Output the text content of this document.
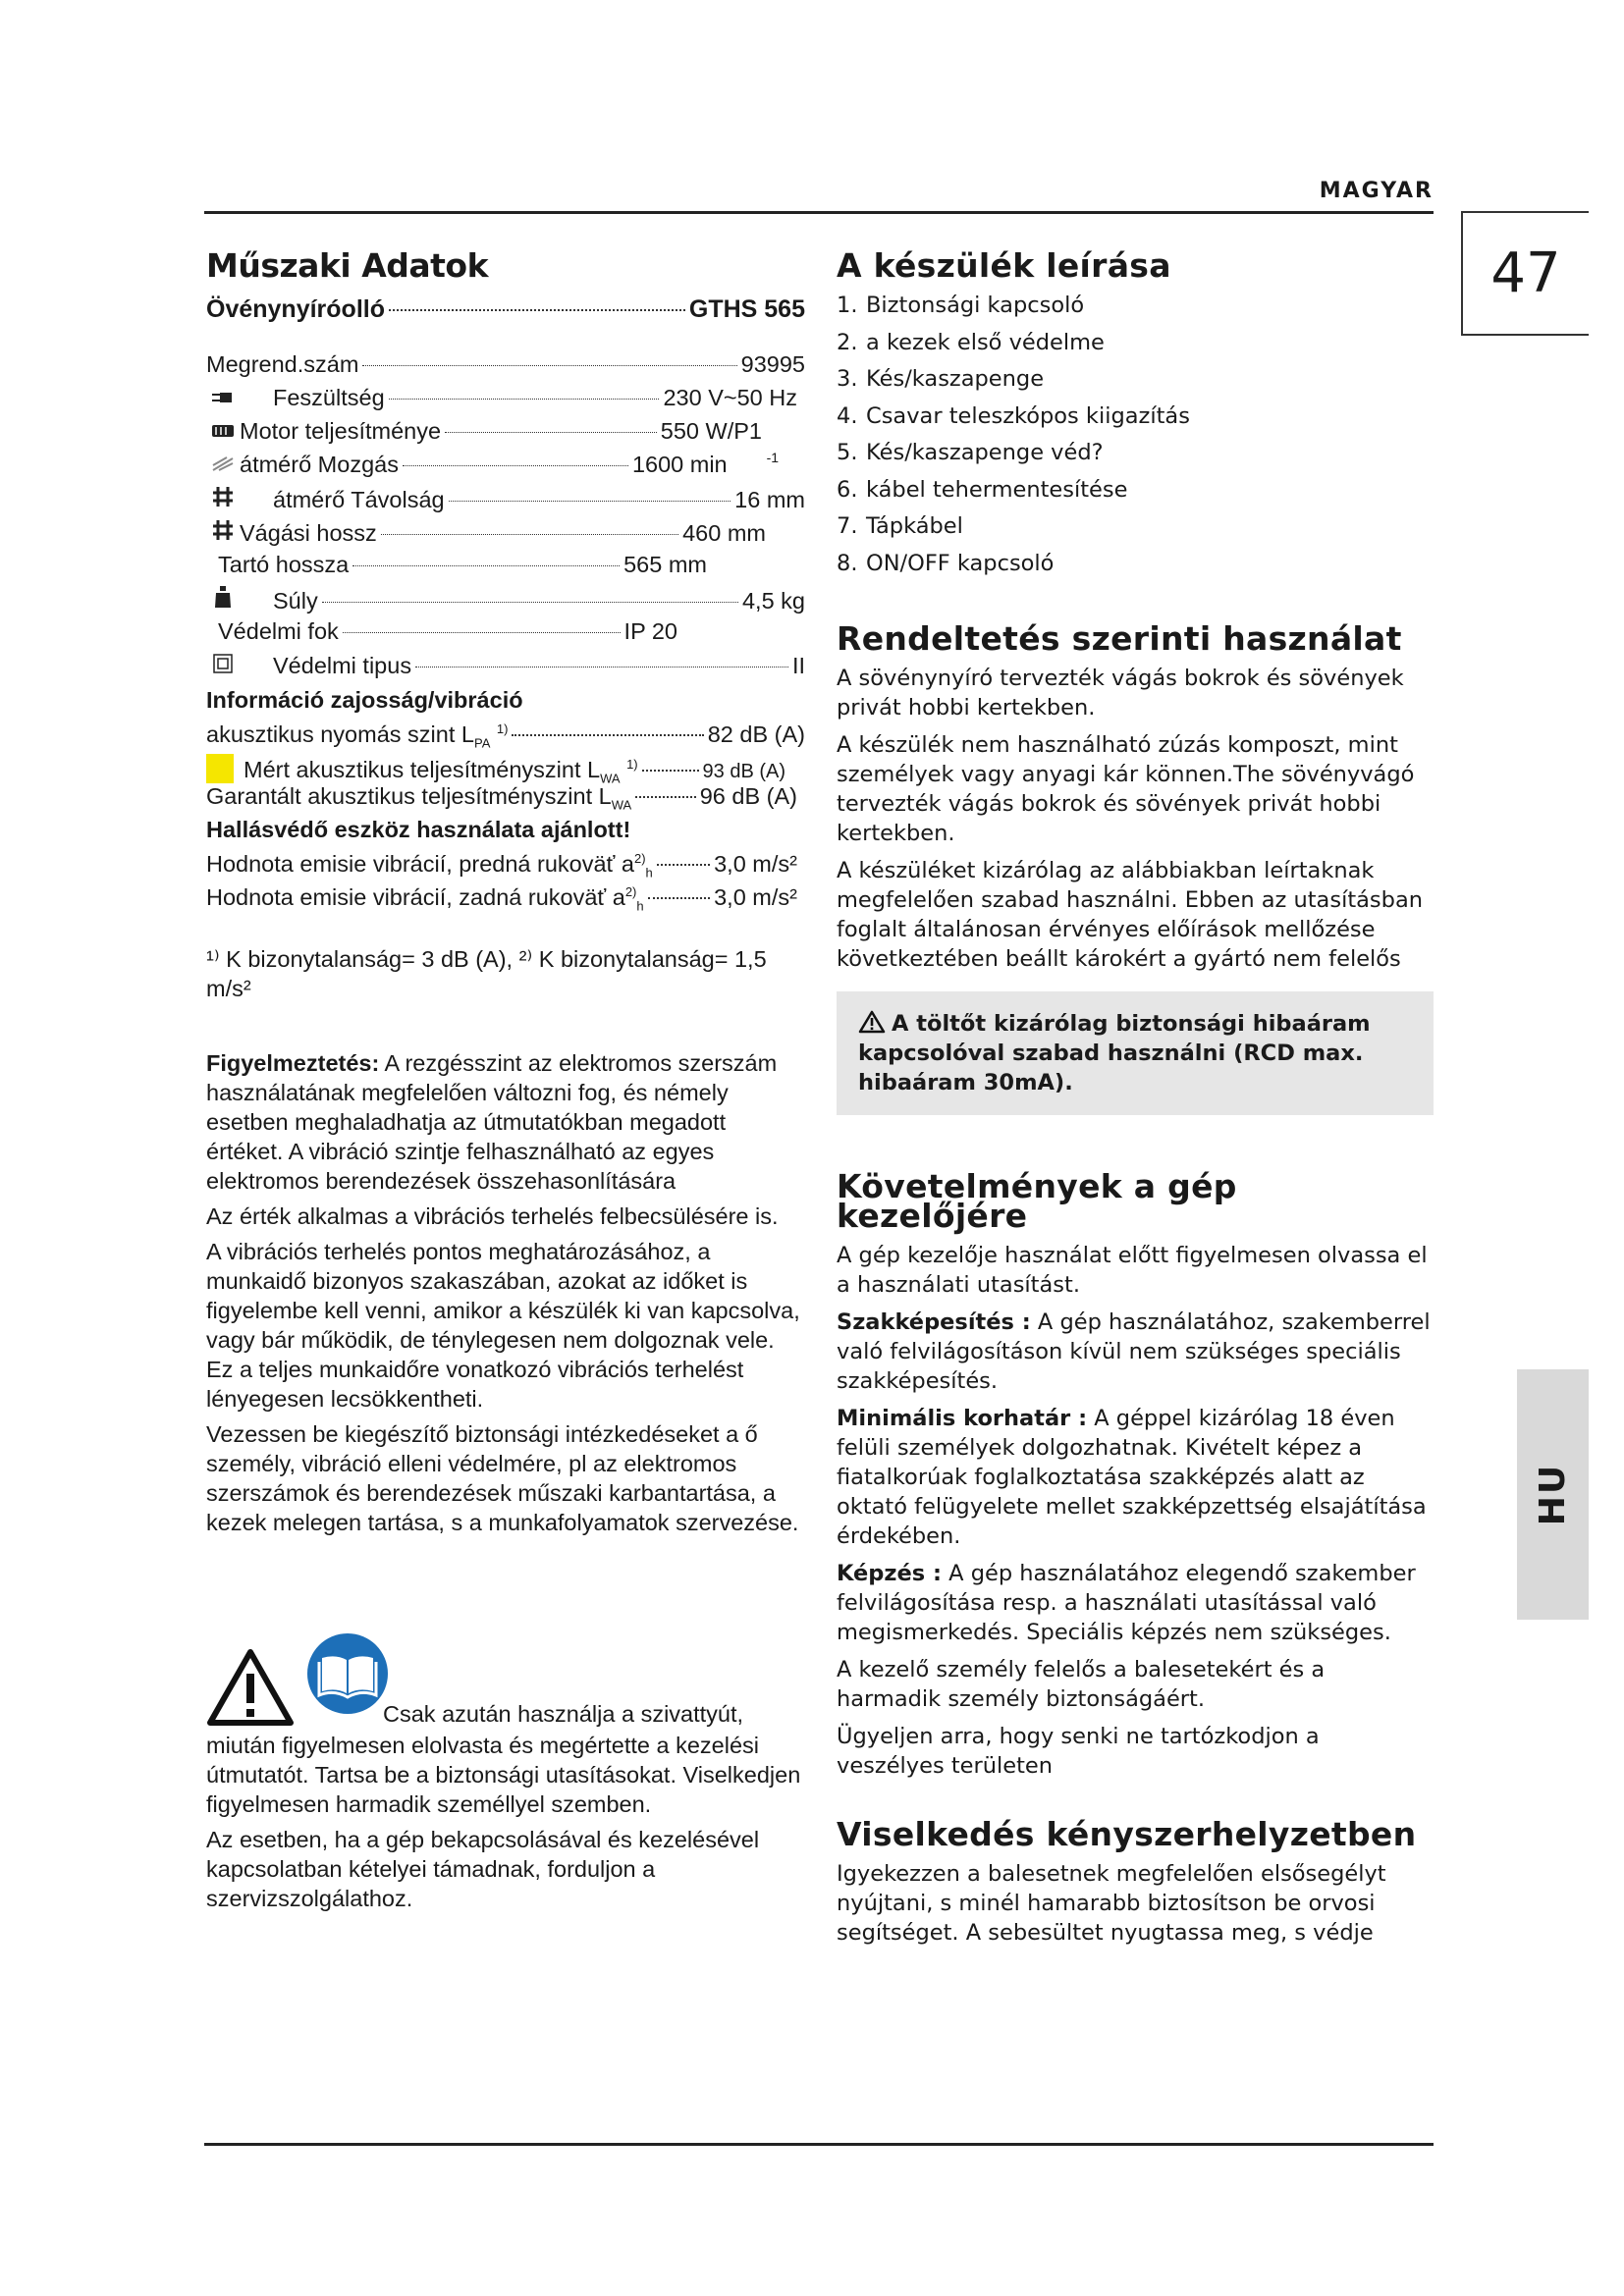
MAGYAR
47
HU
Műszaki Adatok
Övénynyíróolló	GTHS 565
Megrend.szám	93995
Feszültség	230 V~50 Hz
Motor teljesítménye	550 W/P1
átmérő Mozgás	1600 min	-1
átmérő Távolság	16 mm
Vágási hossz	460 mm
Tartó hossza	565 mm
Súly	4,5 kg
Védelmi fok	IP 20
Védelmi tipus	II
Információ zajosság/vibráció
akusztikus nyomás szint $L_{PA}$ $^{1)}$	82 dB (A)
Mért akusztikus teljesítményszint $L_{WA}$ $^{1)}$	93 dB (A)
Garantált akusztikus teljesítményszint $L_{WA}$	96 dB (A)
Hallásvédő eszköz használata ajánlott!
Hodnota emisie vibrácií, predná rukoväť $a^{2)}_h$	3,0 m/s²
Hodnota emisie vibrácií, zadná rukoväť $a^{2)}_h$	3,0 m/s²
¹⁾ K bizonytalanság= 3 dB (A), ²⁾ K bizonytalanság= 1,5 m/s²

Figyelmeztetés: A rezgésszint az elektromos szerszám használatának megfelelően változni fog, és némely esetben meghaladhatja az útmutatókban megadott értéket. A vibráció szintje felhasználható az egyes elektromos berendezések összehasonlítására

Az érték alkalmas a vibrációs terhelés felbecsülésére is.

A vibrációs terhelés pontos meghatározásához, a munkaidő bizonyos szakaszában, azokat az időket is figyelembe kell venni, amikor a készülék ki van kapcsolva, vagy bár működik, de ténylegesen nem dolgoznak vele. Ez a teljes munkaidőre vonatkozó vibrációs terhelést lényegesen lecsökkentheti.

Vezessen be kiegészítő biztonsági intézkedéseket a ő személy, vibráció elleni védelmére, pl az elektromos szerszámok és berendezések műszaki karbantartása, a kezek melegen tartása, s a munkafolyamatok szervezése.

Csak azután használja a szivattyút,

miután figyelmesen elolvasta és megértette a kezelési útmutatót. Tartsa be a biztonsági utasításokat. Viselkedjen figyelmesen harmadik személlyel szemben.

Az esetben, ha a gép bekapcsolásával és kezelésével kapcsolatban kételyei támadnak, forduljon a szervizszolgálathoz.

A készülék leírása
1. Biztonsági kapcsoló
2. a kezek első védelme
3. Kés/kaszapenge
4. Csavar teleszkópos kiigazítás
5. Kés/kaszapenge véd?
6. kábel tehermentesítése
7. Tápkábel
8. ON/OFF kapcsoló
Rendeltetés szerinti használat

A sövénynyíró tervezték vágás bokrok és sövények privát hobbi kertekben.

A készülék nem használható zúzás komposzt, mint személyek vagy anyagi kár können.The sövényvágó tervezték vágás bokrok és sövények privát hobbi kertekben.

A készüléket kizárólag az alábbiakban leírtaknak megfelelően szabad használni. Ebben az utasításban foglalt általánosan érvényes előírások mellőzése következtében beállt károkért a gyártó nem felelős

A töltőt kizárólag biztonsági hibaáram kapcsolóval szabad használni (RCD max. hibaáram 30mA).
Követelmények a gép kezelőjére

A gép kezelője használat előtt figyelmesen olvassa el a használati utasítást.

Szakképesítés : A gép használatához, szakemberrel való felvilágosításon kívül nem szükséges speciális szakképesítés.

Minimális korhatár : A géppel kizárólag 18 éven felüli személyek dolgozhatnak. Kivételt képez a fiatalkorúak foglalkoztatása szakképzés alatt az oktató felügyelete mellet szakképzettség elsajátítása érdekében.

Képzés : A gép használatához elegendő szakember felvilágosítása resp. a használati utasítással való megismerkedés. Speciális képzés nem szükséges.

A kezelő személy felelős a balesetekért és a harmadik személy biztonságáért.

Ügyeljen arra, hogy senki ne tartózkodjon a veszélyes területen

Viselkedés kényszerhelyzetben

Igyekezzen a balesetnek megfelelően elsősegélyt nyújtani, s minél hamarabb biztosítson be orvosi segítséget. A sebesültet nyugtassa meg, s védje
